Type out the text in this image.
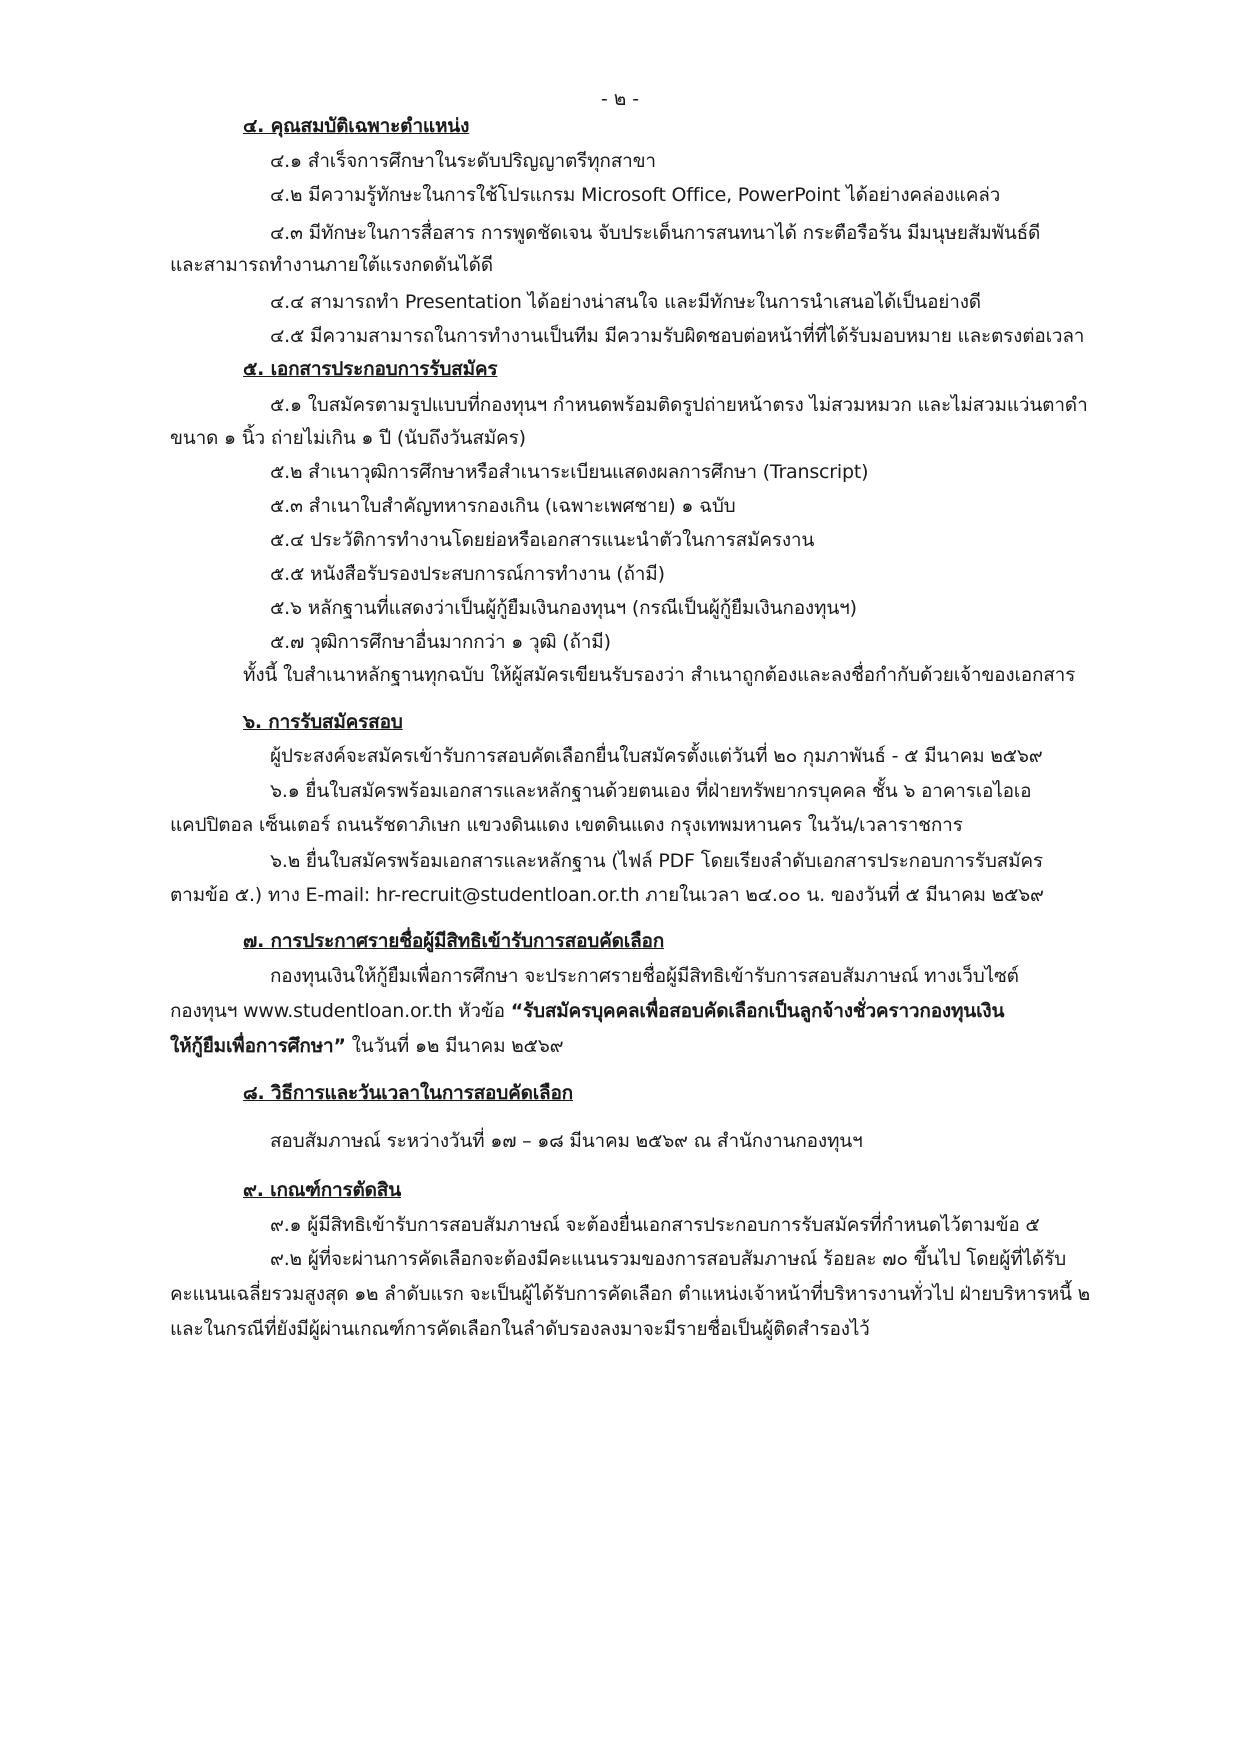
- ๒ -
๔. คุณสมบัติเฉพาะตำแหน่ง
๔.๑ สำเร็จการศึกษาในระดับปริญญาตรีทุกสาขา
๔.๒ มีความรู้ทักษะในการใช้โปรแกรม Microsoft Office, PowerPoint ได้อย่างคล่องแคล่ว
๔.๓ มีทักษะในการสื่อสาร การพูดชัดเจน จับประเด็นการสนทนาได้ กระตือรือร้น มีมนุษยสัมพันธ์ดี
และสามารถทำงานภายใต้แรงกดดันได้ดี
๔.๔ สามารถทำ Presentation ได้อย่างน่าสนใจ และมีทักษะในการนำเสนอได้เป็นอย่างดี
๔.๕ มีความสามารถในการทำงานเป็นทีม มีความรับผิดชอบต่อหน้าที่ที่ได้รับมอบหมาย และตรงต่อเวลา
๕. เอกสารประกอบการรับสมัคร
๕.๑ ใบสมัครตามรูปแบบที่กองทุนฯ กำหนดพร้อมติดรูปถ่ายหน้าตรง ไม่สวมหมวก และไม่สวมแว่นตาดำ
ขนาด ๑ นิ้ว ถ่ายไม่เกิน ๑ ปี (นับถึงวันสมัคร)
๕.๒ สำเนาวุฒิการศึกษาหรือสำเนาระเบียนแสดงผลการศึกษา (Transcript)
๕.๓ สำเนาใบสำคัญทหารกองเกิน (เฉพาะเพศชาย) ๑ ฉบับ
๕.๔ ประวัติการทำงานโดยย่อหรือเอกสารแนะนำตัวในการสมัครงาน
๕.๕ หนังสือรับรองประสบการณ์การทำงาน (ถ้ามี)
๕.๖ หลักฐานที่แสดงว่าเป็นผู้กู้ยืมเงินกองทุนฯ (กรณีเป็นผู้กู้ยืมเงินกองทุนฯ)
๕.๗ วุฒิการศึกษาอื่นมากกว่า ๑ วุฒิ (ถ้ามี)
ทั้งนี้ ใบสำเนาหลักฐานทุกฉบับ ให้ผู้สมัครเขียนรับรองว่า สำเนาถูกต้องและลงชื่อกำกับด้วยเจ้าของเอกสาร
๖. การรับสมัครสอบ
ผู้ประสงค์จะสมัครเข้ารับการสอบคัดเลือกยื่นใบสมัครตั้งแต่วันที่ ๒๐ กุมภาพันธ์ - ๕ มีนาคม ๒๕๖๙
๖.๑ ยื่นใบสมัครพร้อมเอกสารและหลักฐานด้วยตนเอง ที่ฝ่ายทรัพยากรบุคคล ชั้น ๖ อาคารเอไอเอ
แคปปิตอล เซ็นเตอร์ ถนนรัชดาภิเษก แขวงดินแดง เขตดินแดง กรุงเทพมหานคร ในวัน/เวลาราชการ
๖.๒ ยื่นใบสมัครพร้อมเอกสารและหลักฐาน (ไฟล์ PDF โดยเรียงลำดับเอกสารประกอบการรับสมัคร
ตามข้อ ๕.) ทาง E-mail: hr-recruit@studentloan.or.th ภายในเวลา ๒๔.๐๐ น. ของวันที่ ๕ มีนาคม ๒๕๖๙
๗. การประกาศรายชื่อผู้มีสิทธิเข้ารับการสอบคัดเลือก
กองทุนเงินให้กู้ยืมเพื่อการศึกษา จะประกาศรายชื่อผู้มีสิทธิเข้ารับการสอบสัมภาษณ์ ทางเว็บไซต์
กองทุนฯ www.studentloan.or.th หัวข้อ “รับสมัครบุคคลเพื่อสอบคัดเลือกเป็นลูกจ้างชั่วคราวกองทุนเงิน
ให้กู้ยืมเพื่อการศึกษา” ในวันที่ ๑๒ มีนาคม ๒๕๖๙
๘. วิธีการและวันเวลาในการสอบคัดเลือก
สอบสัมภาษณ์ ระหว่างวันที่ ๑๗ – ๑๘ มีนาคม ๒๕๖๙ ณ สำนักงานกองทุนฯ
๙. เกณฑ์การตัดสิน
๙.๑ ผู้มีสิทธิเข้ารับการสอบสัมภาษณ์ จะต้องยื่นเอกสารประกอบการรับสมัครที่กำหนดไว้ตามข้อ ๕
๙.๒ ผู้ที่จะผ่านการคัดเลือกจะต้องมีคะแนนรวมของการสอบสัมภาษณ์ ร้อยละ ๗๐ ขึ้นไป โดยผู้ที่ได้รับ
คะแนนเฉลี่ยรวมสูงสุด ๑๒ ลำดับแรก จะเป็นผู้ได้รับการคัดเลือก ตำแหน่งเจ้าหน้าที่บริหารงานทั่วไป ฝ่ายบริหารหนี้ ๒
และในกรณีที่ยังมีผู้ผ่านเกณฑ์การคัดเลือกในลำดับรองลงมาจะมีรายชื่อเป็นผู้ติดสำรองไว้
